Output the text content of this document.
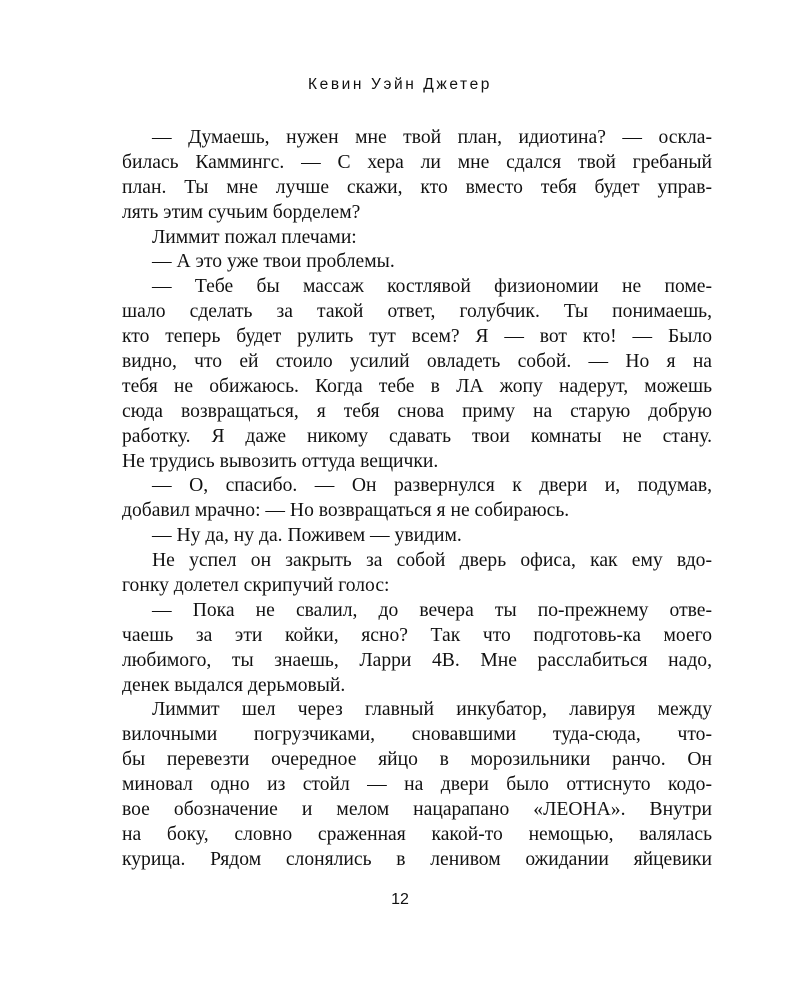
Кевин Уэйн Джетер
— Думаешь, нужен мне твой план, идиотина? — оскла-
билась Каммингс. — С хера ли мне сдался твой гребаный
план. Ты мне лучше скажи, кто вместо тебя будет управ-
лять этим сучьим борделем?
Лиммит пожал плечами:
— А это уже твои проблемы.
— Тебе бы массаж костлявой физиономии не поме-
шало сделать за такой ответ, голубчик. Ты понимаешь,
кто теперь будет рулить тут всем? Я — вот кто! — Было
видно, что ей стоило усилий овладеть собой. — Но я на
тебя не обижаюсь. Когда тебе в ЛА жопу надерут, можешь
сюда возвращаться, я тебя снова приму на старую добрую
работку. Я даже никому сдавать твои комнаты не стану.
Не трудись вывозить оттуда вещички.
— О, спасибо. — Он развернулся к двери и, подумав,
добавил мрачно: — Но возвращаться я не собираюсь.
— Ну да, ну да. Поживем — увидим.
Не успел он закрыть за собой дверь офиса, как ему вдо-
гонку долетел скрипучий голос:
— Пока не свалил, до вечера ты по-прежнему отве-
чаешь за эти койки, ясно? Так что подготовь-ка моего
любимого, ты знаешь, Ларри 4В. Мне расслабиться надо,
денек выдался дерьмовый.
Лиммит шел через главный инкубатор, лавируя между
вилочными погрузчиками, сновавшими туда-сюда, что-
бы перевезти очередное яйцо в морозильники ранчо. Он
миновал одно из стойл — на двери было оттиснуто кодо-
вое обозначение и мелом нацарапано «ЛЕОНА». Внутри
на боку, словно сраженная какой-то немощью, валялась
курица. Рядом слонялись в ленивом ожидании яйцевики
12
